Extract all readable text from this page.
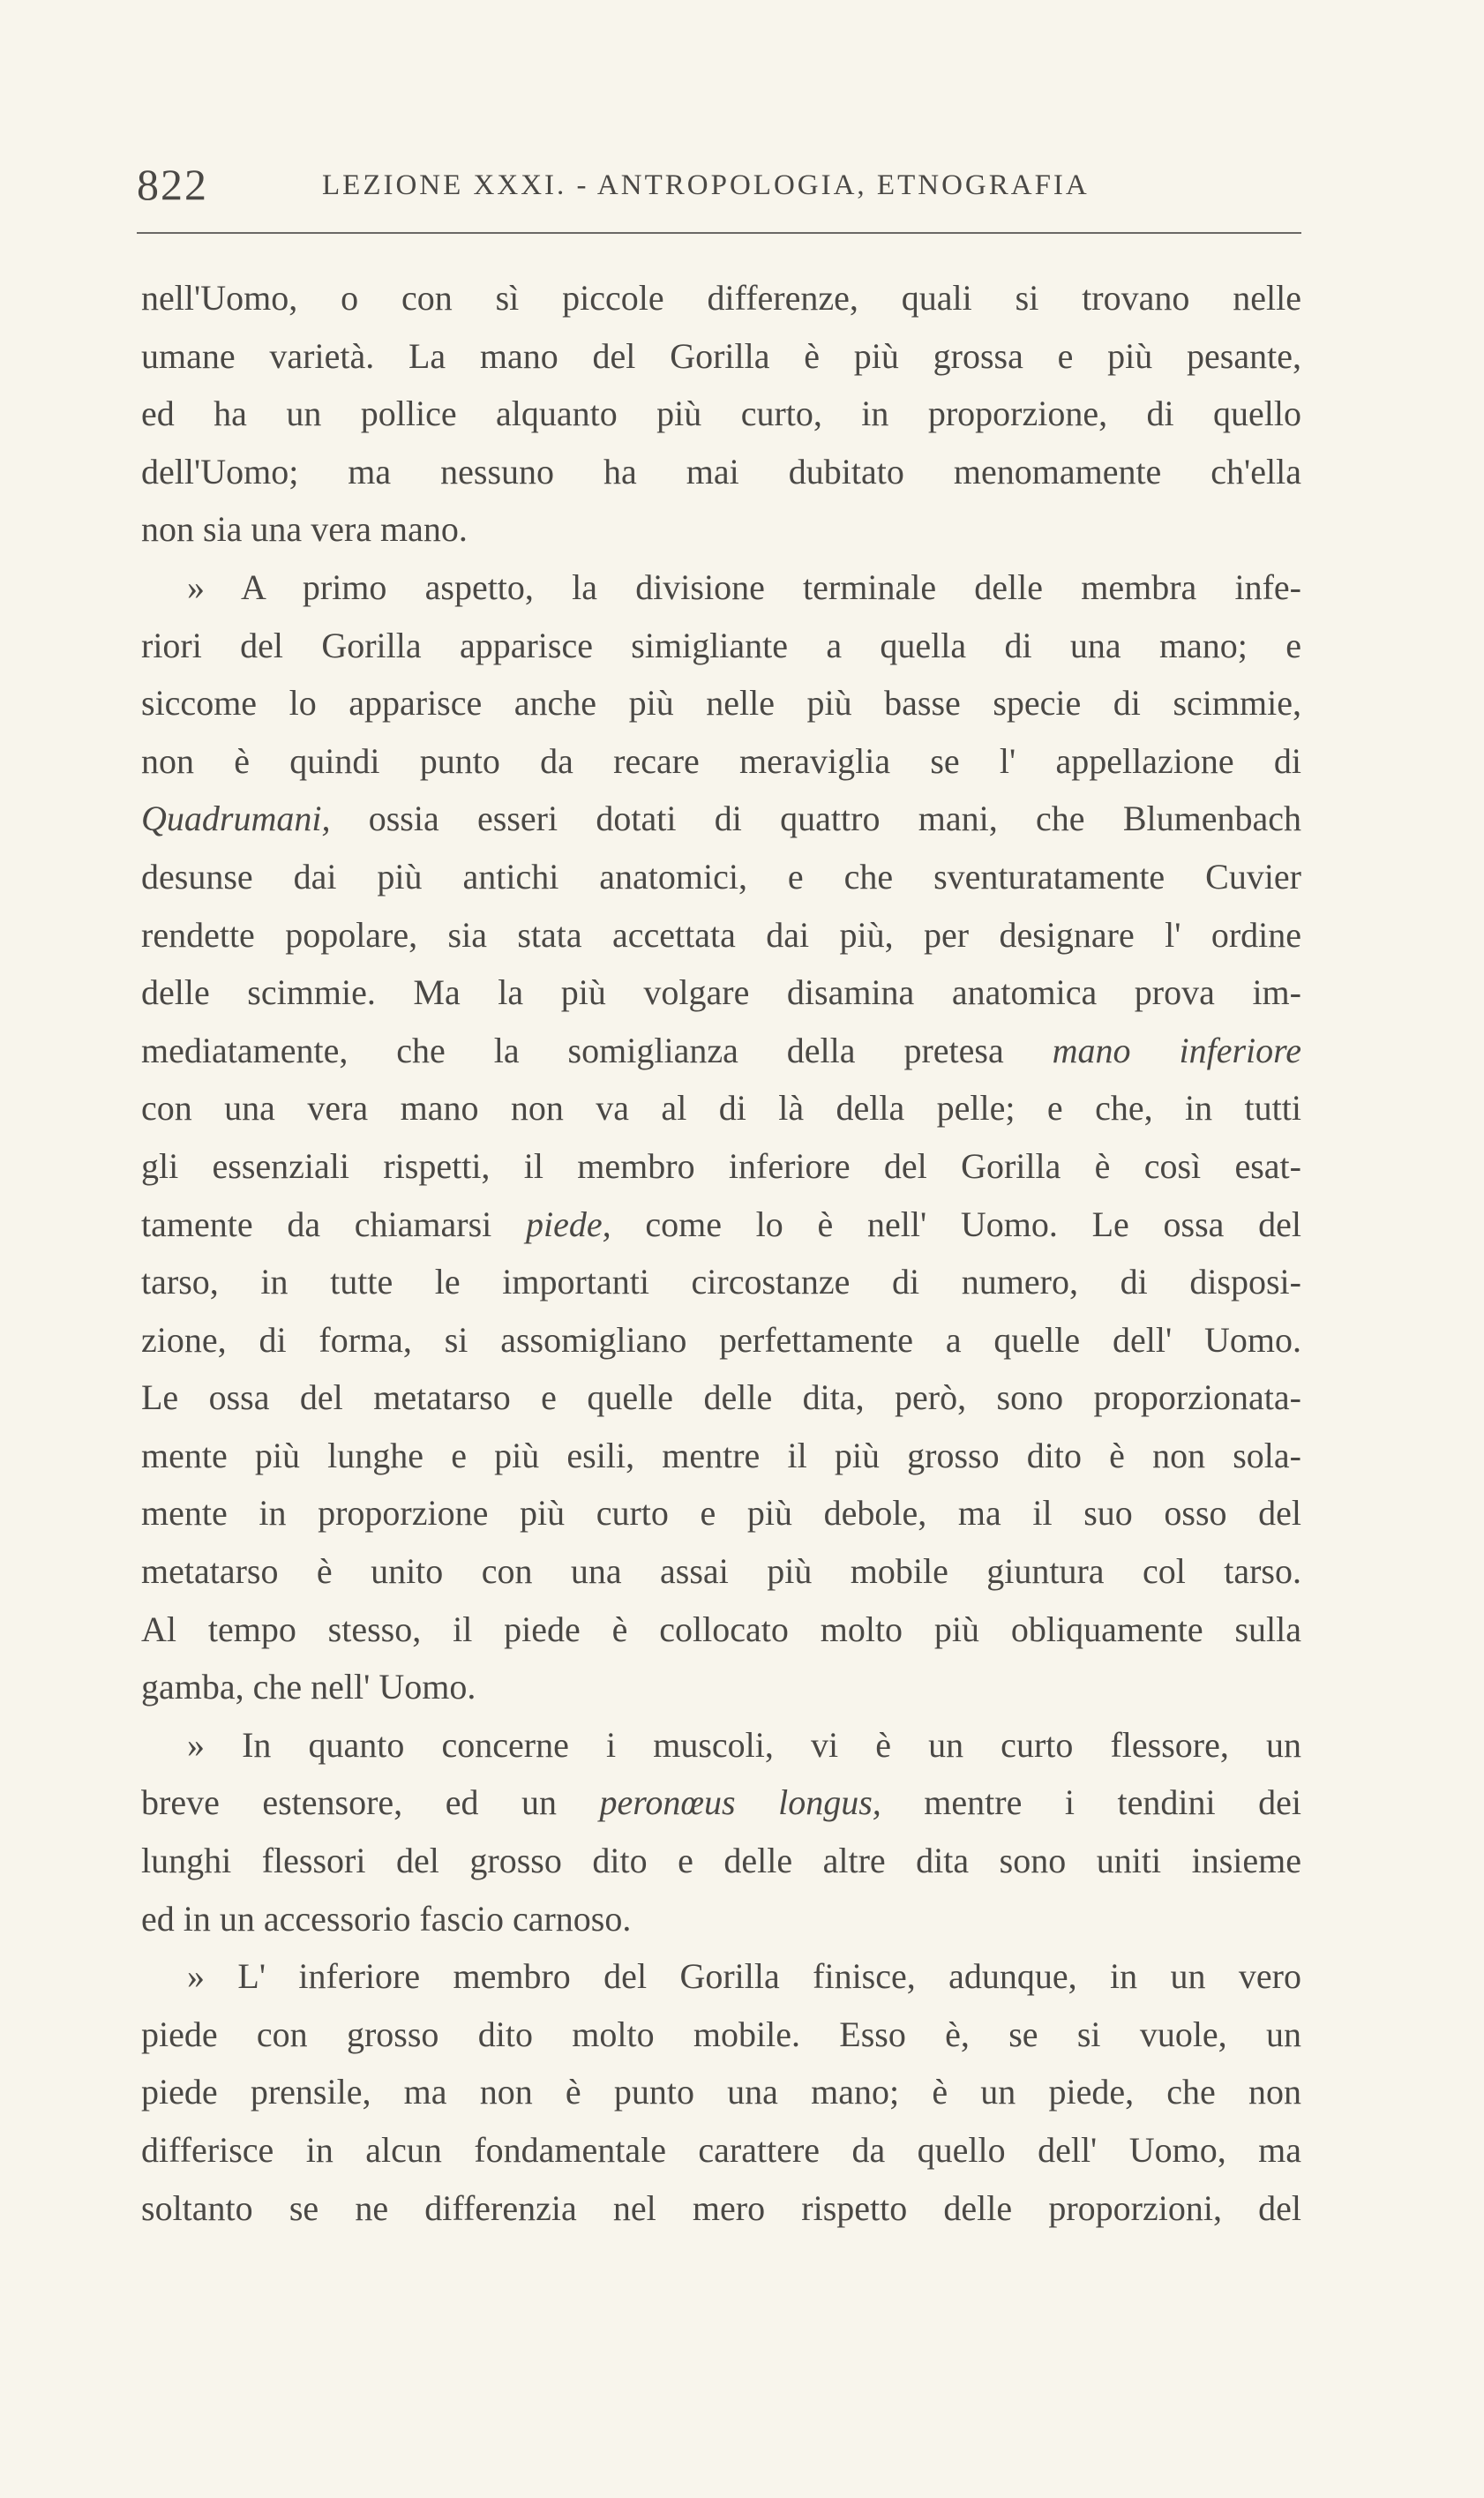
822	LEZIONE XXXI. - ANTROPOLOGIA, ETNOGRAFIA
nell'Uomo, o con sì piccole differenze, quali si trovano nelle
umane varietà. La mano del Gorilla è più grossa e più pesante,
ed ha un pollice alquanto più curto, in proporzione, di quello
dell'Uomo; ma nessuno ha mai dubitato menomamente ch'ella
non sia una vera mano.
» A primo aspetto, la divisione terminale delle membra infe-
riori del Gorilla apparisce simigliante a quella di una mano; e
siccome lo apparisce anche più nelle più basse specie di scimmie,
non è quindi punto da recare meraviglia se l' appellazione di
Quadrumani, ossia esseri dotati di quattro mani, che Blumenbach
desunse dai più antichi anatomici, e che sventuratamente Cuvier
rendette popolare, sia stata accettata dai più, per designare l' ordine
delle scimmie. Ma la più volgare disamina anatomica prova im-
mediatamente, che la somiglianza della pretesa mano inferiore
con una vera mano non va al di là della pelle; e che, in tutti
gli essenziali rispetti, il membro inferiore del Gorilla è così esat-
tamente da chiamarsi piede, come lo è nell' Uomo. Le ossa del
tarso, in tutte le importanti circostanze di numero, di disposi-
zione, di forma, si assomigliano perfettamente a quelle dell' Uomo.
Le ossa del metatarso e quelle delle dita, però, sono proporzionata-
mente più lunghe e più esili, mentre il più grosso dito è non sola-
mente in proporzione più curto e più debole, ma il suo osso del
metatarso è unito con una assai più mobile giuntura col tarso.
Al tempo stesso, il piede è collocato molto più obliquamente sulla
gamba, che nell' Uomo.
» In quanto concerne i muscoli, vi è un curto flessore, un
breve estensore, ed un peronœus longus, mentre i tendini dei
lunghi flessori del grosso dito e delle altre dita sono uniti insieme
ed in un accessorio fascio carnoso.
» L' inferiore membro del Gorilla finisce, adunque, in un vero
piede con grosso dito molto mobile. Esso è, se si vuole, un
piede prensile, ma non è punto una mano; è un piede, che non
differisce in alcun fondamentale carattere da quello dell' Uomo, ma
soltanto se ne differenzia nel mero rispetto delle proporzioni, del
